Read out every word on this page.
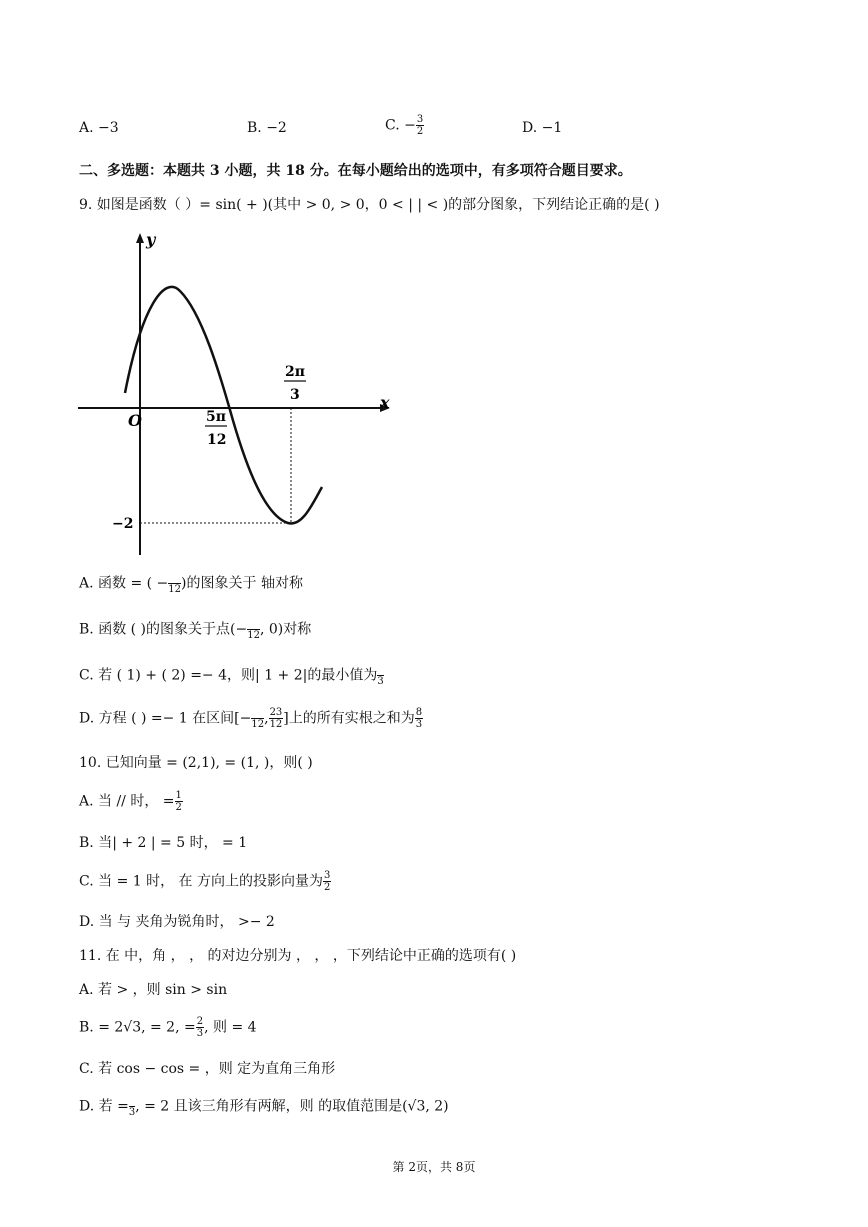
A. −3	B. −2	C. − $\frac{3}{2}$	D. −1
二、多选题：本题共 3 小题，共 18 分。在每小题给出的选项中，有多项符合题目要求。
9. 如图是函数（ ）= sin( + )(其中 > 0, > 0，0 < | | < )的部分图象，下列结论正确的是( )
y
x
O	5π
12
2π
3
−2
A. 函数 = ( −
12 )的图象关于 轴对称
B. 函数 ( )的图象关于点(−
12 , 0)对称
C. 若 ( 1) + ( 2) =− 4，则| 1 + 2|的最小值为
3
D. 方程 ( ) =− 1 在区间[−
12 , $\frac{23}{12}$ ]上的所有实根之和为 $\frac{8}{3}$
10. 已知向量 = (2,1), = (1, )，则( )
A. 当 // 时， = $\frac{1}{2}$
B. 当| + 2 | = 5 时， = 1
C. 当 = 1 时， 在 方向上的投影向量为 $\frac{3}{2}$
D. 当 与 夹角为锐角时， >− 2
11. 在 中，角 ， ， 的对边分别为 ， ， ，下列结论中正确的选项有( )
A. 若 > ，则 sin > sin
B. = 2√3, = 2, = $\frac{2}{3}$ , 则 = 4
C. 若 cos − cos = ，则 定为直角三角形
D. 若 =
3 , = 2 且该三角形有两解，则 的取值范围是(√3, 2)
第 2页，共 8页
